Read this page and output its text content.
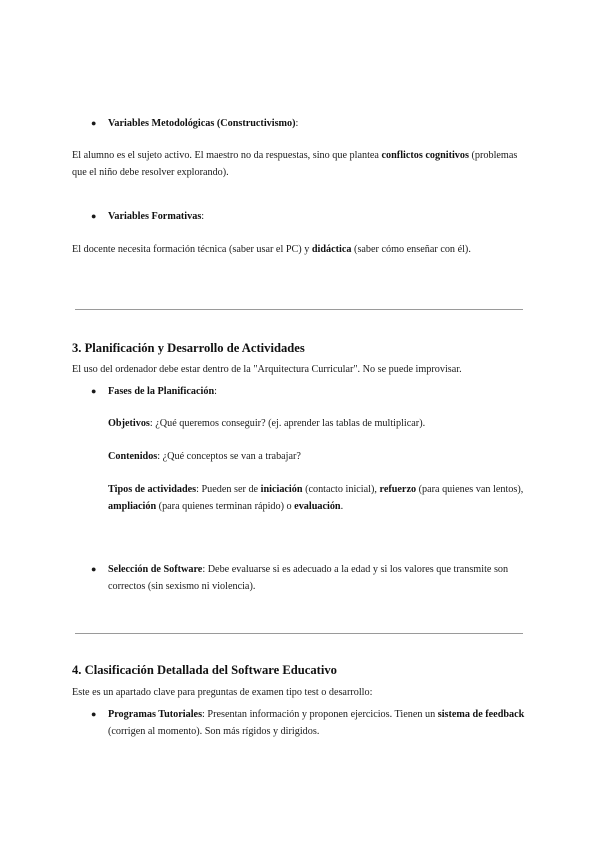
● Variables Metodológicas (Constructivismo):

El alumno es el sujeto activo. El maestro no da respuestas, sino que plantea conflictos cognitivos (problemas que el niño debe resolver explorando).

● Variables Formativas:

El docente necesita formación técnica (saber usar el PC) y didáctica (saber cómo enseñar con él).

3. Planificación y Desarrollo de Actividades

El uso del ordenador debe estar dentro de la "Arquitectura Curricular". No se puede improvisar.

● Fases de la Planificación:

Objetivos: ¿Qué queremos conseguir? (ej. aprender las tablas de multiplicar).

Contenidos: ¿Qué conceptos se van a trabajar?

Tipos de actividades: Pueden ser de iniciación (contacto inicial), refuerzo (para quienes van lentos), ampliación (para quienes terminan rápido) o evaluación.

● Selección de Software: Debe evaluarse si es adecuado a la edad y si los valores que transmite son correctos (sin sexismo ni violencia).

4. Clasificación Detallada del Software Educativo

Este es un apartado clave para preguntas de examen tipo test o desarrollo:

● Programas Tutoriales: Presentan información y proponen ejercicios. Tienen un sistema de feedback (corrigen al momento). Son más rígidos y dirigidos.
